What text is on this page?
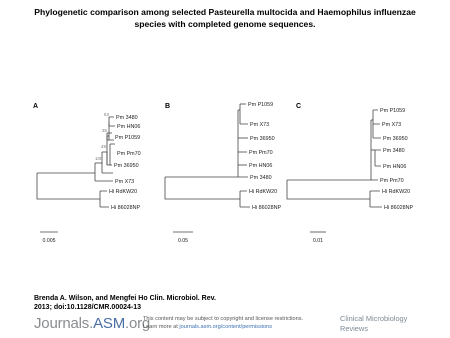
Phylogenetic comparison among selected Pasteurella multocida and Haemophilus influenzae
species with completed genome sequences.
A	B	C
Pm 3480
Pm HN06
Pm P1059
Pm Pm70
Pm 36950
Pm X73
Hi RdKW20
Hi 86028NP
53
35
49
100
Pm P1059
Pm X73
Pm 36950
Pm Pm70
Pm HN06
Pm 3480
Hi RdKW20
Hi 86028NP
Pm P1059
Pm X73
Pm 36950
Pm 3480
Pm HN06
Pm Pm70
Hi RdKW20
Hi 86028NP
0.005	0.05	0.01
Brenda A. Wilson, and Mengfei Ho Clin. Microbiol. Rev.
2013; doi:10.1128/CMR.00024-13
Journals.ASM.org
This content may be subject to copyright and license restrictions.
Learn more at journals.asm.org/content/permissions
Clinical Microbiology
Reviews
